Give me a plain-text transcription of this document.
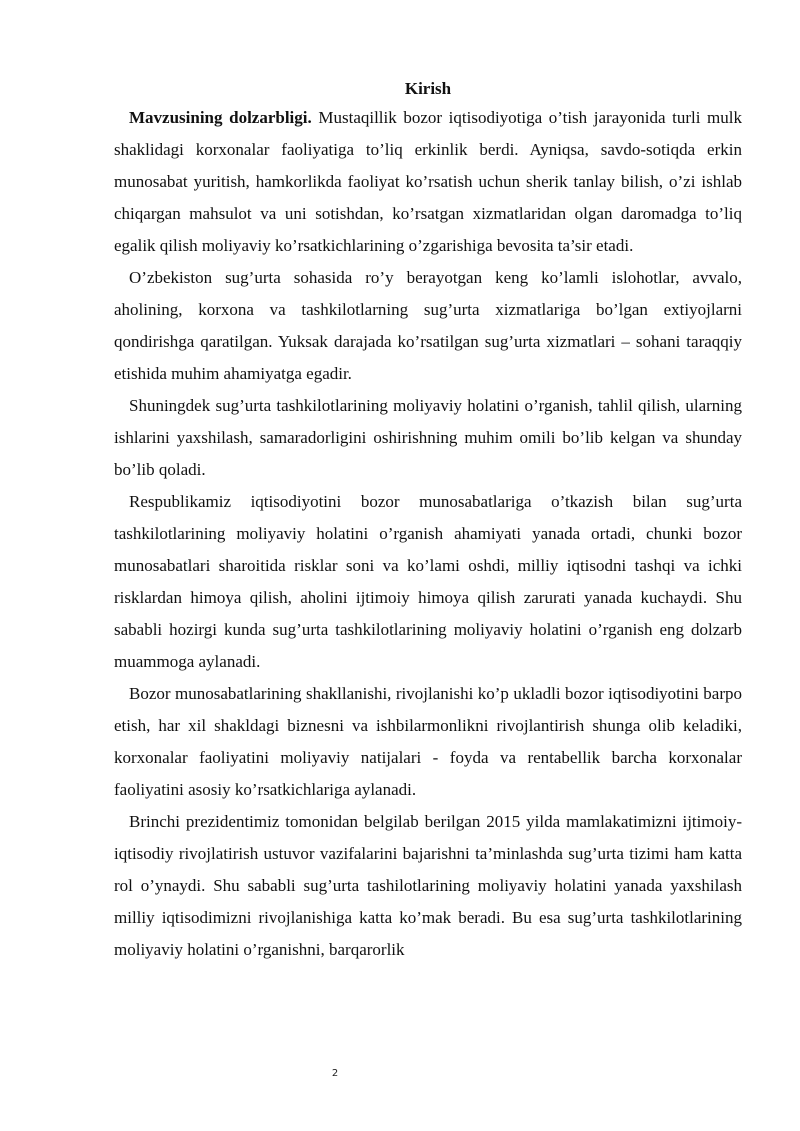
Kirish

Mavzusining dolzarbligi. Mustaqillik bozor iqtisodiyotiga o’tish jarayonida turli mulk shaklidagi korxonalar faoliyatiga to’liq erkinlik berdi. Ayniqsa, savdo-sotiqda erkin munosabat yuritish, hamkorlikda faoliyat ko’rsatish uchun sherik tanlay bilish, o’zi ishlab chiqargan mahsulot va uni sotishdan, ko’rsatgan xizmatlaridan olgan daromadga to’liq egalik qilish moliyaviy ko’rsatkichlarining o’zgarishiga bevosita ta’sir etadi.

O’zbekiston sug’urta sohasida ro’y berayotgan keng ko’lamli islohotlar, avvalo, aholining, korxona va tashkilotlarning sug’urta xizmatlariga bo’lgan extiyojlarni qondirishga qaratilgan. Yuksak darajada ko’rsatilgan sug’urta xizmatlari – sohani taraqqiy etishida muhim ahamiyatga egadir.

Shuningdek sug’urta tashkilotlarining moliyaviy holatini o’rganish, tahlil qilish, ularning ishlarini yaxshilash, samaradorligini oshirishning muhim omili bo’lib kelgan va shunday bo’lib qoladi.

Respublikamiz iqtisodiyotini bozor munosabatlariga o’tkazish bilan sug’urta tashkilotlarining moliyaviy holatini o’rganish ahamiyati yanada ortadi, chunki bozor munosabatlari sharoitida risklar soni va ko’lami oshdi, milliy iqtisodni tashqi va ichki risklardan himoya qilish, aholini ijtimoiy himoya qilish zarurati yanada kuchaydi. Shu sababli hozirgi kunda sug’urta tashkilotlarining moliyaviy holatini o’rganish eng dolzarb muammoga aylanadi.

Bozor munosabatlarining shakllanishi, rivojlanishi ko’p ukladli bozor iqtisodiyotini barpo etish, har xil shakldagi biznesni va ishbilarmonlikni rivojlantirish shunga olib keladiki, korxonalar faoliyatini moliyaviy natijalari - foyda va rentabellik barcha korxonalar faoliyatini asosiy ko’rsatkichlariga aylanadi.

Brinchi prezidentimiz tomonidan belgilab berilgan 2015 yilda mamlakatimizni ijtimoiy-iqtisodiy rivojlatirish ustuvor vazifalarini bajarishni ta’minlashda sug’urta tizimi ham katta rol o’ynaydi. Shu sababli sug’urta tashilotlarining moliyaviy holatini yanada yaxshilash milliy iqtisodimizni rivojlanishiga katta ko’mak beradi. Bu esa sug’urta tashkilotlarining moliyaviy holatini o’rganishni, barqarorlik

2
